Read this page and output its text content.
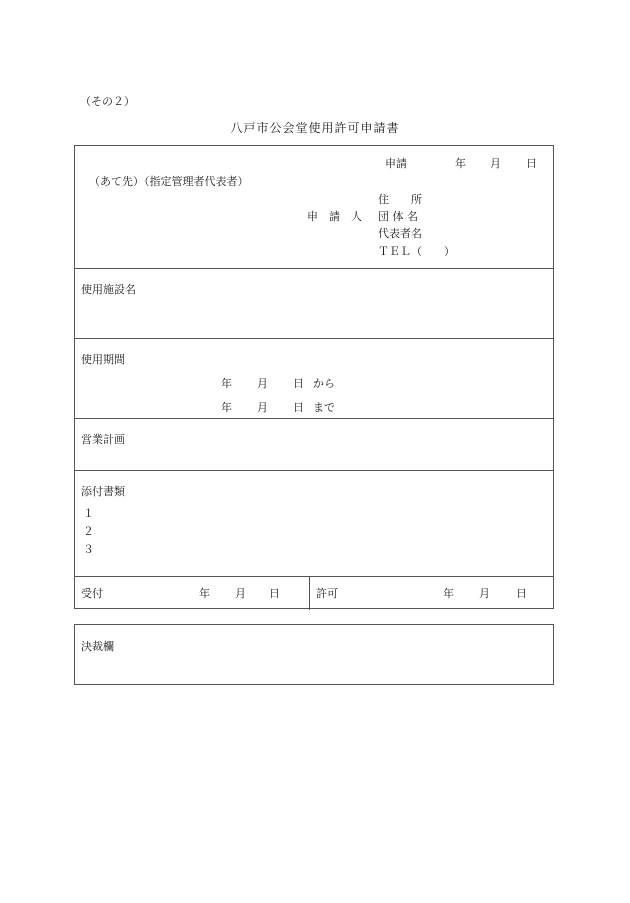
（その２）
八戸市公会堂使用許可申請書
申請	年 月 日
（あて先）（指定管理者代表者）
住　　所
申　請　人 団 体 名
代表者名
ＴＥＬ（　　）
使用施設名
使用期間
年 月 日 から
年 月 日 まで
営業計画
添付書類
１
２
３
受付	年 月 日	許可	年 月 日
決裁欄
